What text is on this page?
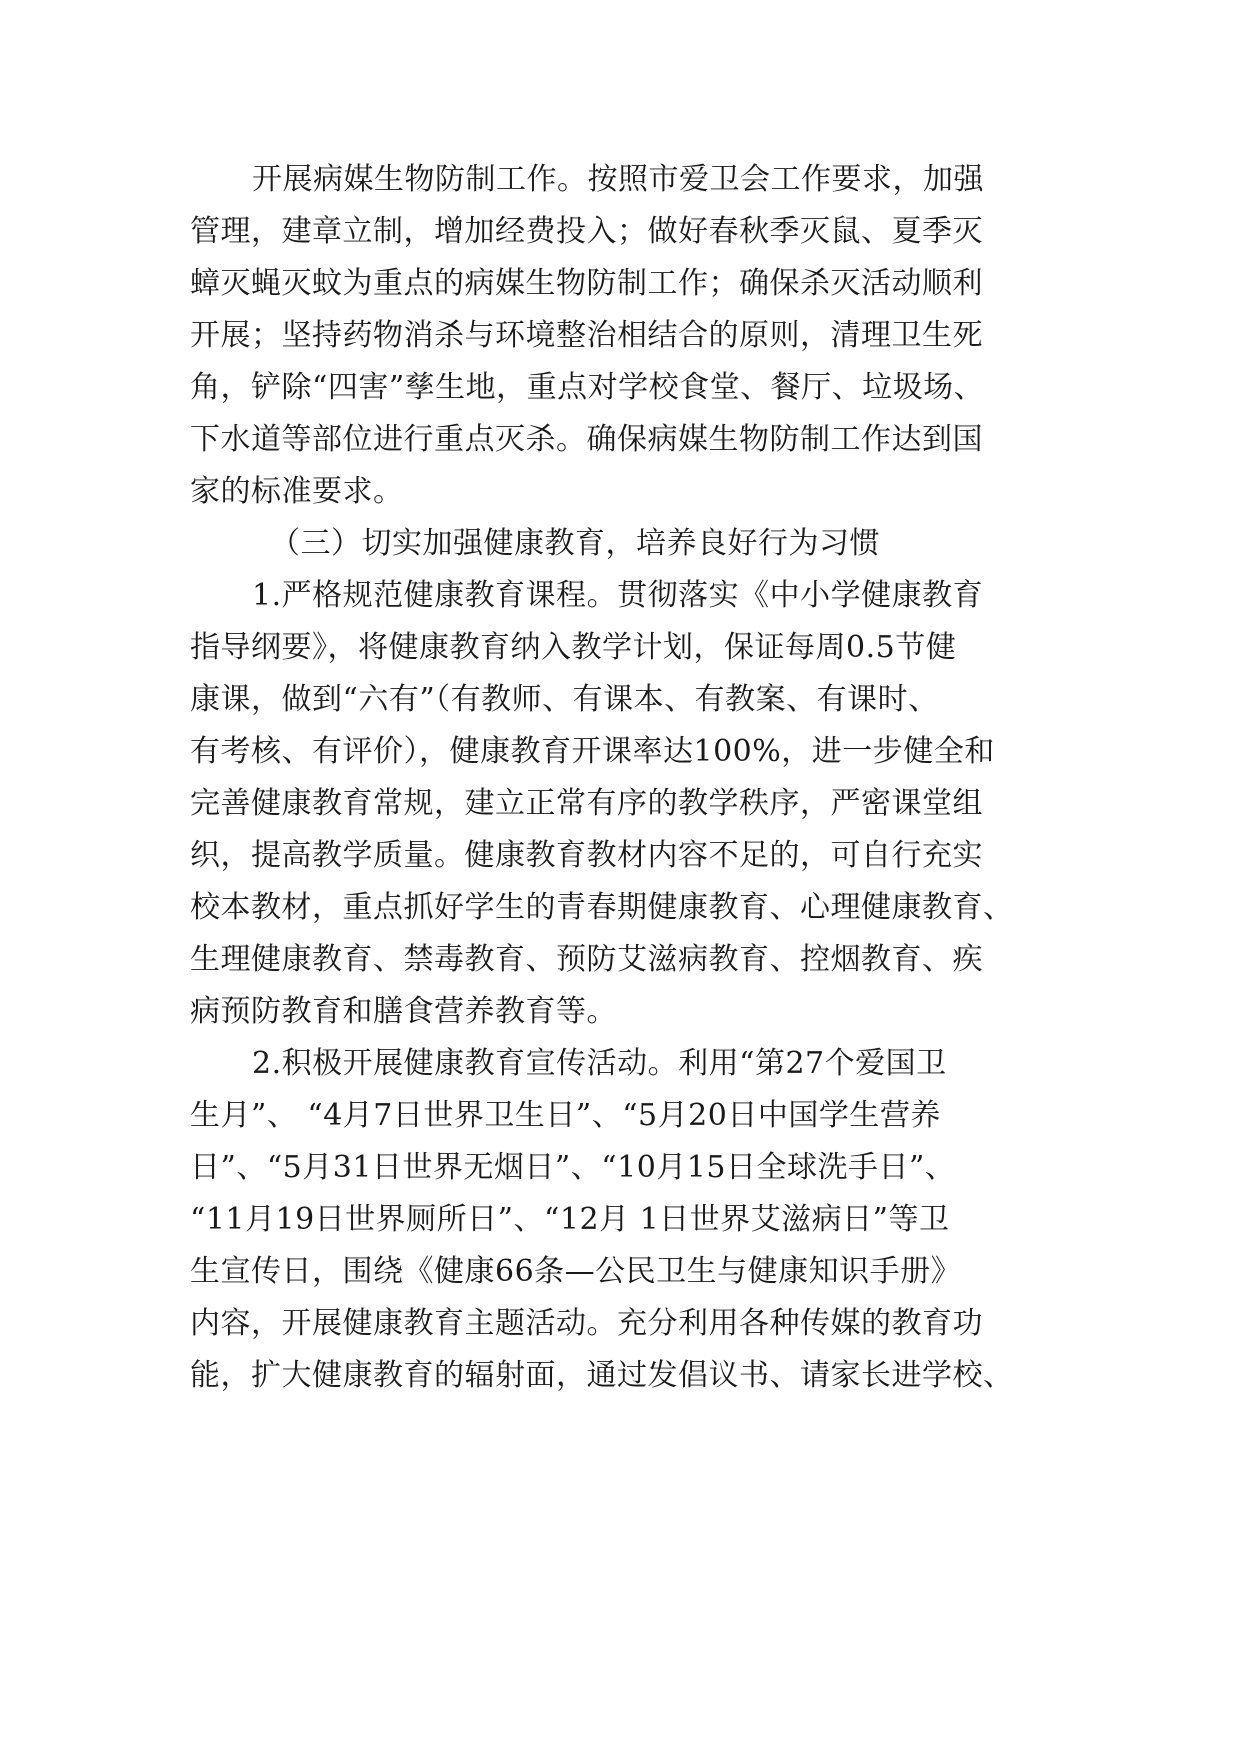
开展病媒生物防制工作。按照市爱卫会工作要求，加强
管理，建章立制，增加经费投入；做好春秋季灭鼠、夏季灭
蟑灭蝇灭蚊为重点的病媒生物防制工作；确保杀灭活动顺利
开展；坚持药物消杀与环境整治相结合的原则，清理卫生死
角，铲除“四害”孳生地，重点对学校食堂、餐厅、垃圾场、
下水道等部位进行重点灭杀。确保病媒生物防制工作达到国
家的标准要求。
（三）切实加强健康教育，培养良好行为习惯
1.严格规范健康教育课程。贯彻落实《中小学健康教育
指导纲要》，将健康教育纳入教学计划，保证每周0.5节健
康课，做到“六有”（有教师、有课本、有教案、有课时、
有考核、有评价），健康教育开课率达100%，进一步健全和
完善健康教育常规，建立正常有序的教学秩序，严密课堂组
织，提高教学质量。健康教育教材内容不足的，可自行充实
校本教材，重点抓好学生的青春期健康教育、心理健康教育、
生理健康教育、禁毒教育、预防艾滋病教育、控烟教育、疾
病预防教育和膳食营养教育等。
2.积极开展健康教育宣传活动。利用“第27个爱国卫
生月”、 “4月7日世界卫生日”、“5月20日中国学生营养
日”、“5月31日世界无烟日”、“10月15日全球洗手日”、
“11月19日世界厕所日”、“12月 1日世界艾滋病日”等卫
生宣传日，围绕《健康66条—公民卫生与健康知识手册》
内容，开展健康教育主题活动。充分利用各种传媒的教育功
能，扩大健康教育的辐射面，通过发倡议书、请家长进学校、
